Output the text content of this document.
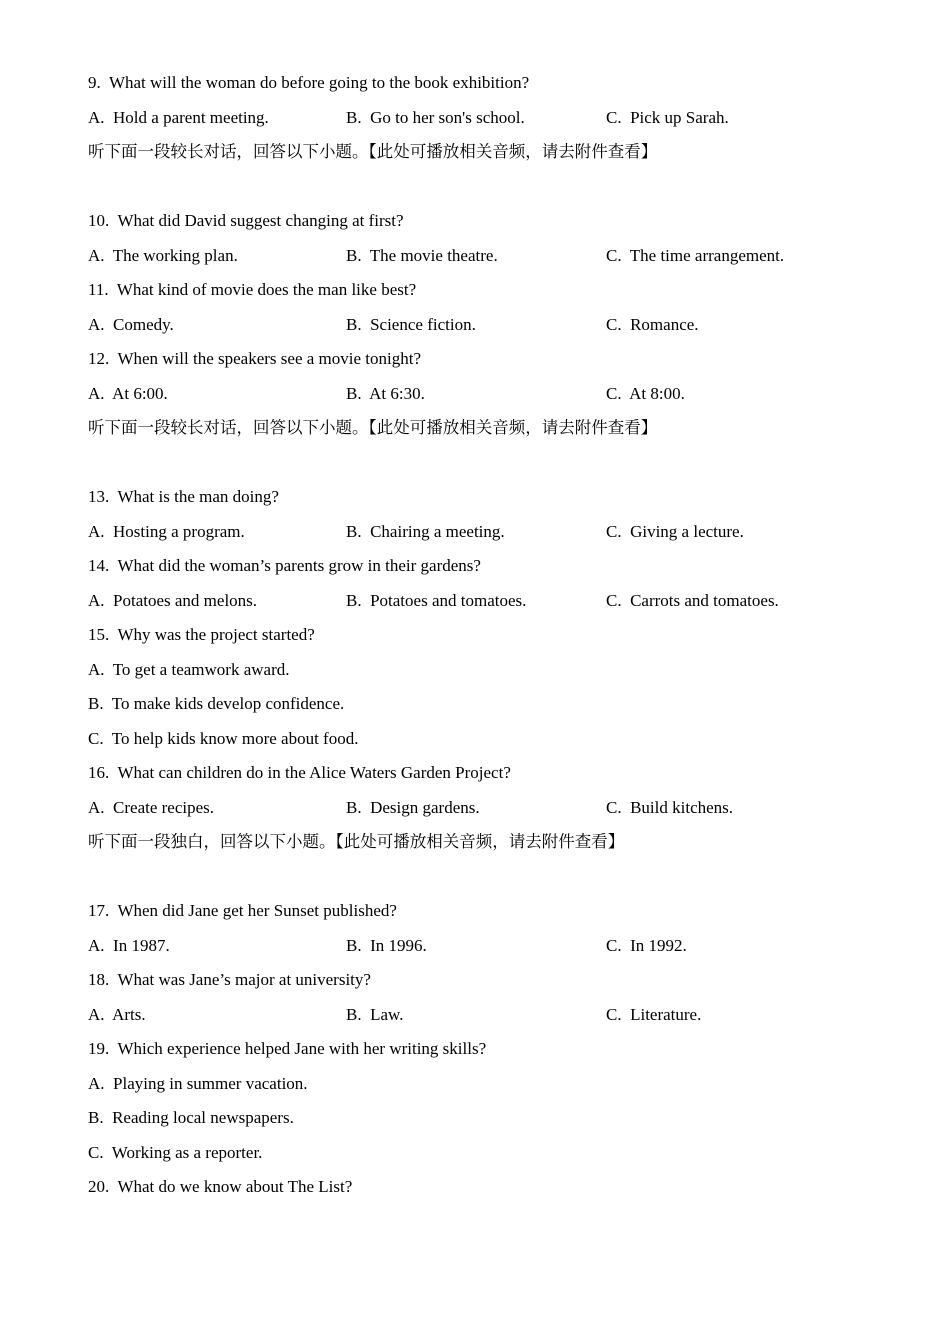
9.  What will the woman do before going to the book exhibition?
A.  Hold a parent meeting.	B.  Go to her son's school.	C.  Pick up Sarah.
听下面一段较长对话，回答以下小题。【此处可播放相关音频，请去附件查看】
10.  What did David suggest changing at first?
A.  The working plan.	B.  The movie theatre.	C.  The time arrangement.
11.  What kind of movie does the man like best?
A.  Comedy.	B.  Science fiction.	C.  Romance.
12.  When will the speakers see a movie tonight?
A.  At 6:00.	B.  At 6:30.	C.  At 8:00.
听下面一段较长对话，回答以下小题。【此处可播放相关音频，请去附件查看】
13.  What is the man doing?
A.  Hosting a program.	B.  Chairing a meeting.	C.  Giving a lecture.
14.  What did the woman’s parents grow in their gardens?
A.  Potatoes and melons.	B.  Potatoes and tomatoes.	C.  Carrots and tomatoes.
15.  Why was the project started?
A.  To get a teamwork award.
B.  To make kids develop confidence.
C.  To help kids know more about food.
16.  What can children do in the Alice Waters Garden Project?
A.  Create recipes.	B.  Design gardens.	C.  Build kitchens.
听下面一段独白，回答以下小题。【此处可播放相关音频，请去附件查看】
17.  When did Jane get her Sunset published?
A.  In 1987.	B.  In 1996.	C.  In 1992.
18.  What was Jane’s major at university?
A.  Arts.	B.  Law.	C.  Literature.
19.  Which experience helped Jane with her writing skills?
A.  Playing in summer vacation.
B.  Reading local newspapers.
C.  Working as a reporter.
20.  What do we know about The List?
